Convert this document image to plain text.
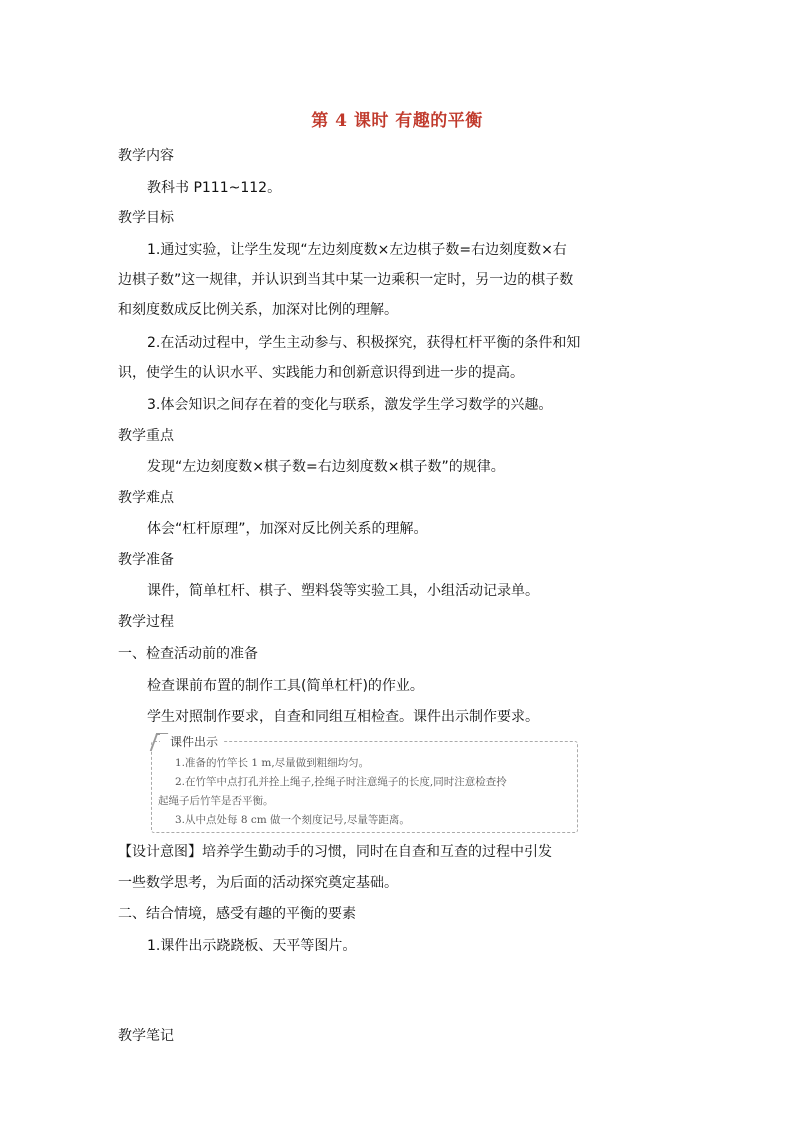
第 4 课时 有趣的平衡
教学内容
教科书 P111~112。
教学目标
1.通过实验，让学生发现“左边刻度数×左边棋子数=右边刻度数×右
边棋子数”这一规律，并认识到当其中某一边乘积一定时，另一边的棋子数
和刻度数成反比例关系，加深对比例的理解。
2.在活动过程中，学生主动参与、积极探究，获得杠杆平衡的条件和知
识，使学生的认识水平、实践能力和创新意识得到进一步的提高。
3.体会知识之间存在着的变化与联系，激发学生学习数学的兴趣。
教学重点
发现“左边刻度数×棋子数=右边刻度数×棋子数”的规律。
教学难点
体会“杠杆原理”，加深对反比例关系的理解。
教学准备
课件，简单杠杆、棋子、塑料袋等实验工具，小组活动记录单。
教学过程
一、检查活动前的准备
检查课前布置的制作工具(简单杠杆)的作业。
学生对照制作要求，自查和同组互相检查。课件出示制作要求。
课件出示
1.准备的竹竿长 1 m,尽量做到粗细均匀。
2.在竹竿中点打孔并拴上绳子,拴绳子时注意绳子的长度,同时注意检查拎
起绳子后竹竿是否平衡。
3.从中点处每 8 cm 做一个刻度记号,尽量等距离。
【设计意图】培养学生勤动手的习惯，同时在自查和互查的过程中引发
一些数学思考，为后面的活动探究奠定基础。
二、结合情境，感受有趣的平衡的要素
1.课件出示跷跷板、天平等图片。
教学笔记
